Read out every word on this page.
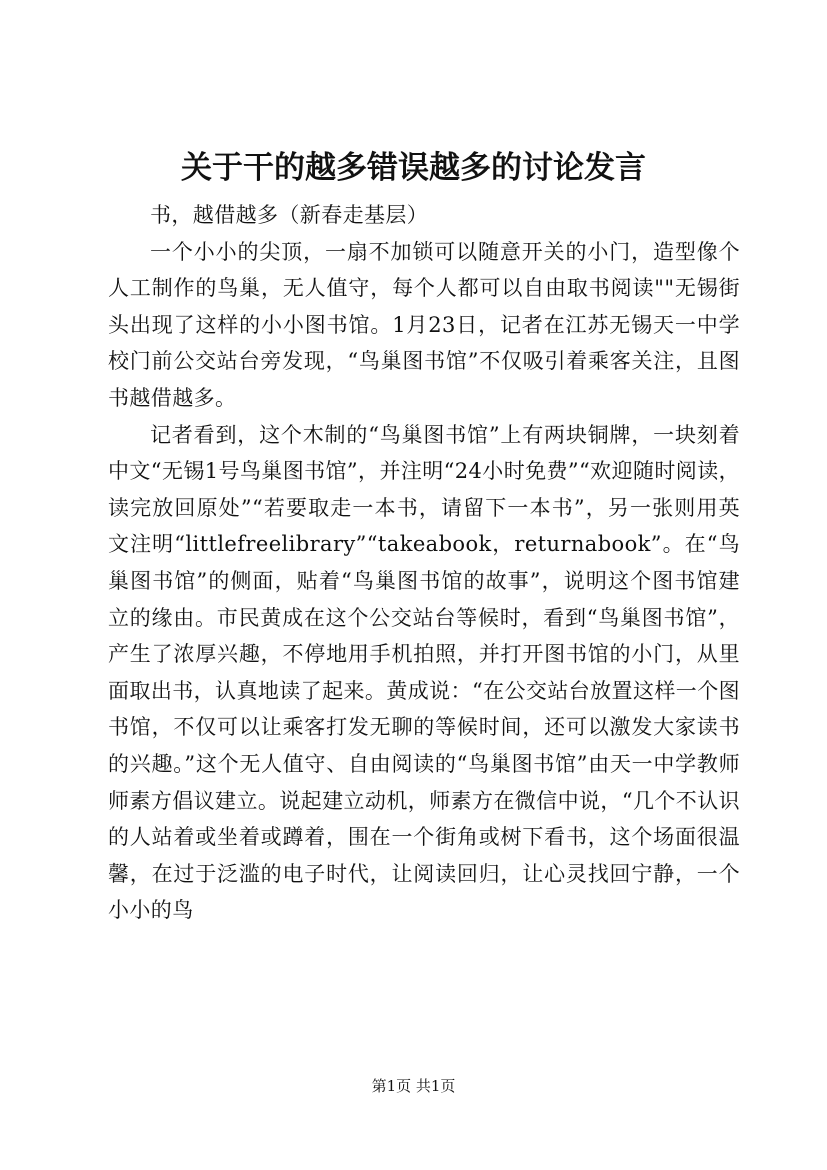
关于干的越多错误越多的讨论发言

书，越借越多（新春走基层）

一个小小的尖顶，一扇不加锁可以随意开关的小门，造型像个人工制作的鸟巢，无人值守，每个人都可以自由取书阅读""无锡街头出现了这样的小小图书馆。1月23日，记者在江苏无锡天一中学校门前公交站台旁发现，“鸟巢图书馆”不仅吸引着乘客关注，且图书越借越多。

记者看到，这个木制的“鸟巢图书馆”上有两块铜牌，一块刻着中文“无锡1号鸟巢图书馆”，并注明“24小时免费”“欢迎随时阅读，读完放回原处”“若要取走一本书，请留下一本书”，另一张则用英文注明“littlefreelibrary”“takeabook，returnabook”。在“鸟巢图书馆”的侧面，贴着“鸟巢图书馆的故事”，说明这个图书馆建立的缘由。市民黄成在这个公交站台等候时，看到“鸟巢图书馆”，产生了浓厚兴趣，不停地用手机拍照，并打开图书馆的小门，从里面取出书，认真地读了起来。黄成说：“在公交站台放置这样一个图书馆，不仅可以让乘客打发无聊的等候时间，还可以激发大家读书的兴趣。”这个无人值守、自由阅读的“鸟巢图书馆”由天一中学教师师素方倡议建立。说起建立动机，师素方在微信中说，“几个不认识的人站着或坐着或蹲着，围在一个街角或树下看书，这个场面很温馨，在过于泛滥的电子时代，让阅读回归，让心灵找回宁静，一个小小的鸟

第1页 共1页
